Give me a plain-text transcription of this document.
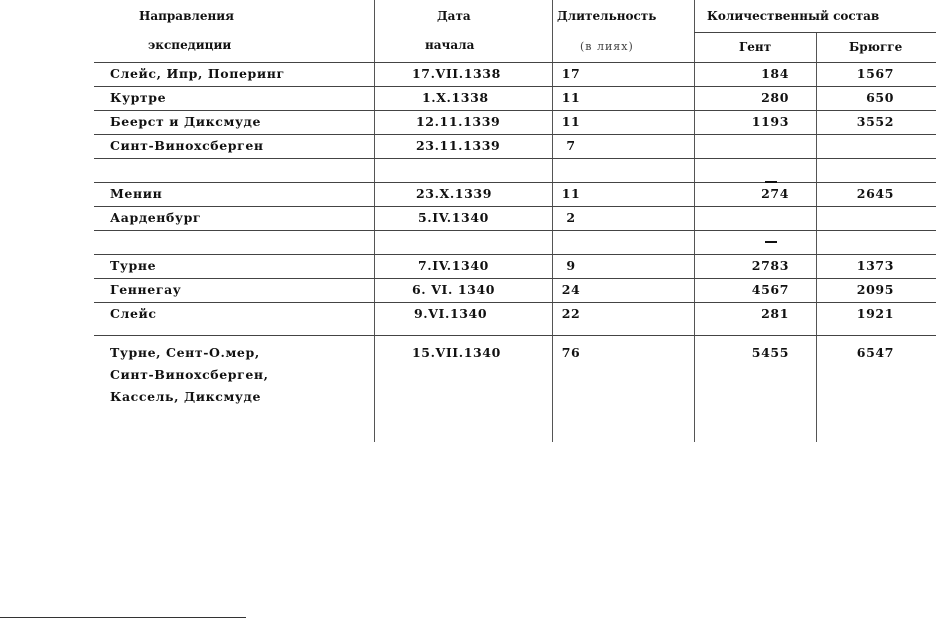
Направления
экспедиции
Дата
начала
Длительность
(в лиях)
Количественный состав
Гент	Брюгге
Слейс, Ипр, Поперинг	17.VII.1338	17	184	1567
Куртре	1.X.1338	11	280	650
Беерст и Диксмуде	12.11.1339	11	1193	3552
Синт-Винохсберген	23.11.1339	7
Менин	23.X.1339	11	274	2645
Аарденбург	5.IV.1340	2
Турне	7.IV.1340	9	2783	1373
Геннегау	6. VI. 1340	24	4567	2095
Слейс	9.VI.1340	22	281	1921
Турне, Сент-О.мер,
Синт-Винохсберген,
Кассель, Диксмуде
15.VII.1340	76	5455	6547
